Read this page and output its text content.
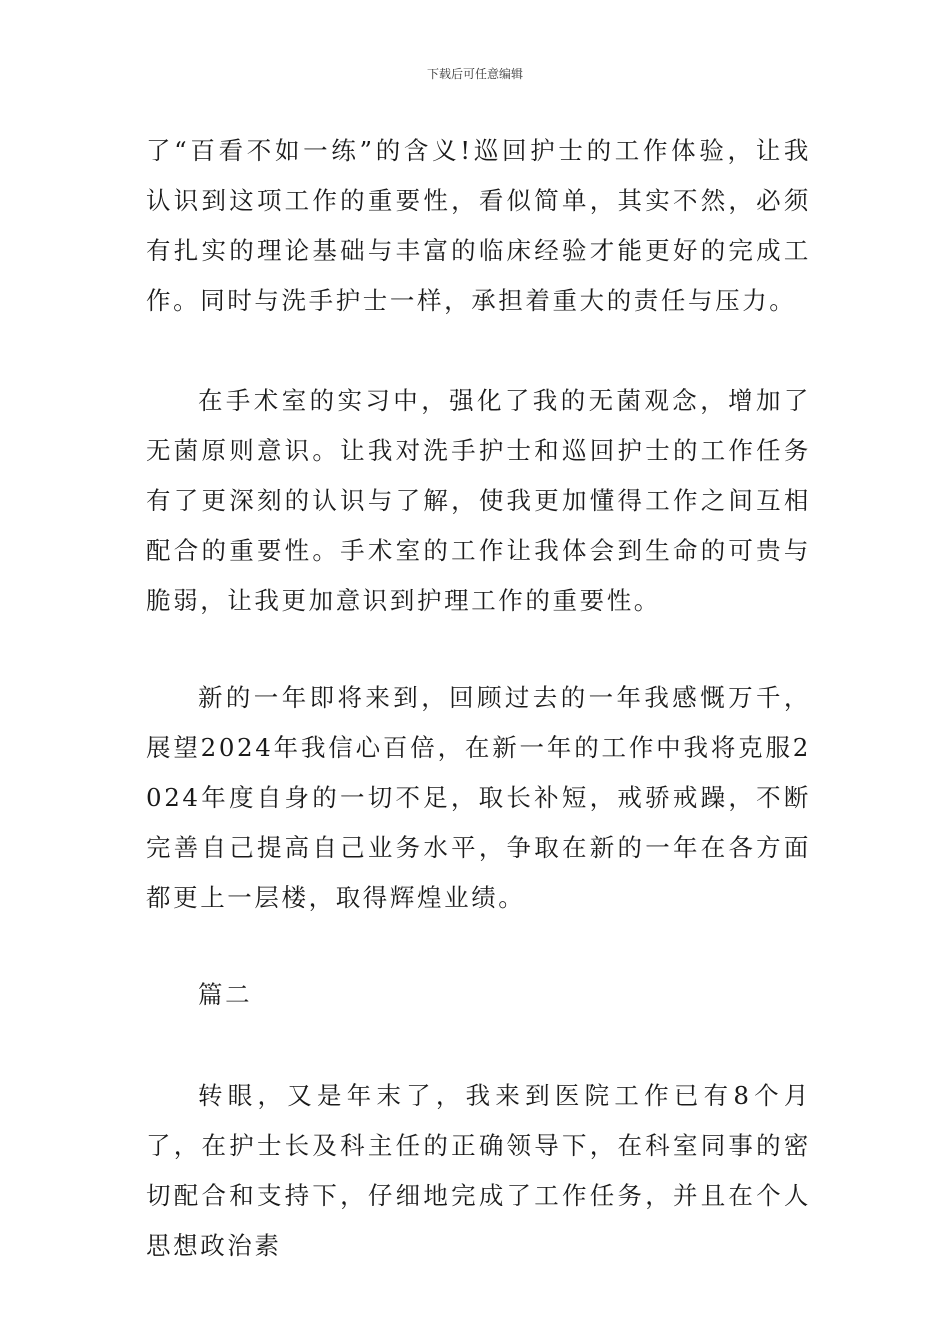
下载后可任意编辑

了“百看不如一练”的含义!巡回护士的工作体验，让我认识到这项工作的重要性，看似简单，其实不然，必须有扎实的理论基础与丰富的临床经验才能更好的完成工作。同时与洗手护士一样，承担着重大的责任与压力。

在手术室的实习中，强化了我的无菌观念，增加了无菌原则意识。让我对洗手护士和巡回护士的工作任务有了更深刻的认识与了解，使我更加懂得工作之间互相配合的重要性。手术室的工作让我体会到生命的可贵与脆弱，让我更加意识到护理工作的重要性。

新的一年即将来到，回顾过去的一年我感慨万千，展望2024年我信心百倍，在新一年的工作中我将克服2024年度自身的一切不足，取长补短，戒骄戒躁，不断完善自己提高自己业务水平，争取在新的一年在各方面都更上一层楼，取得辉煌业绩。

篇二

转眼，又是年末了，我来到医院工作已有8个月了，在护士长及科主任的正确领导下，在科室同事的密切配合和支持下，仔细地完成了工作任务，并且在个人思想政治素
